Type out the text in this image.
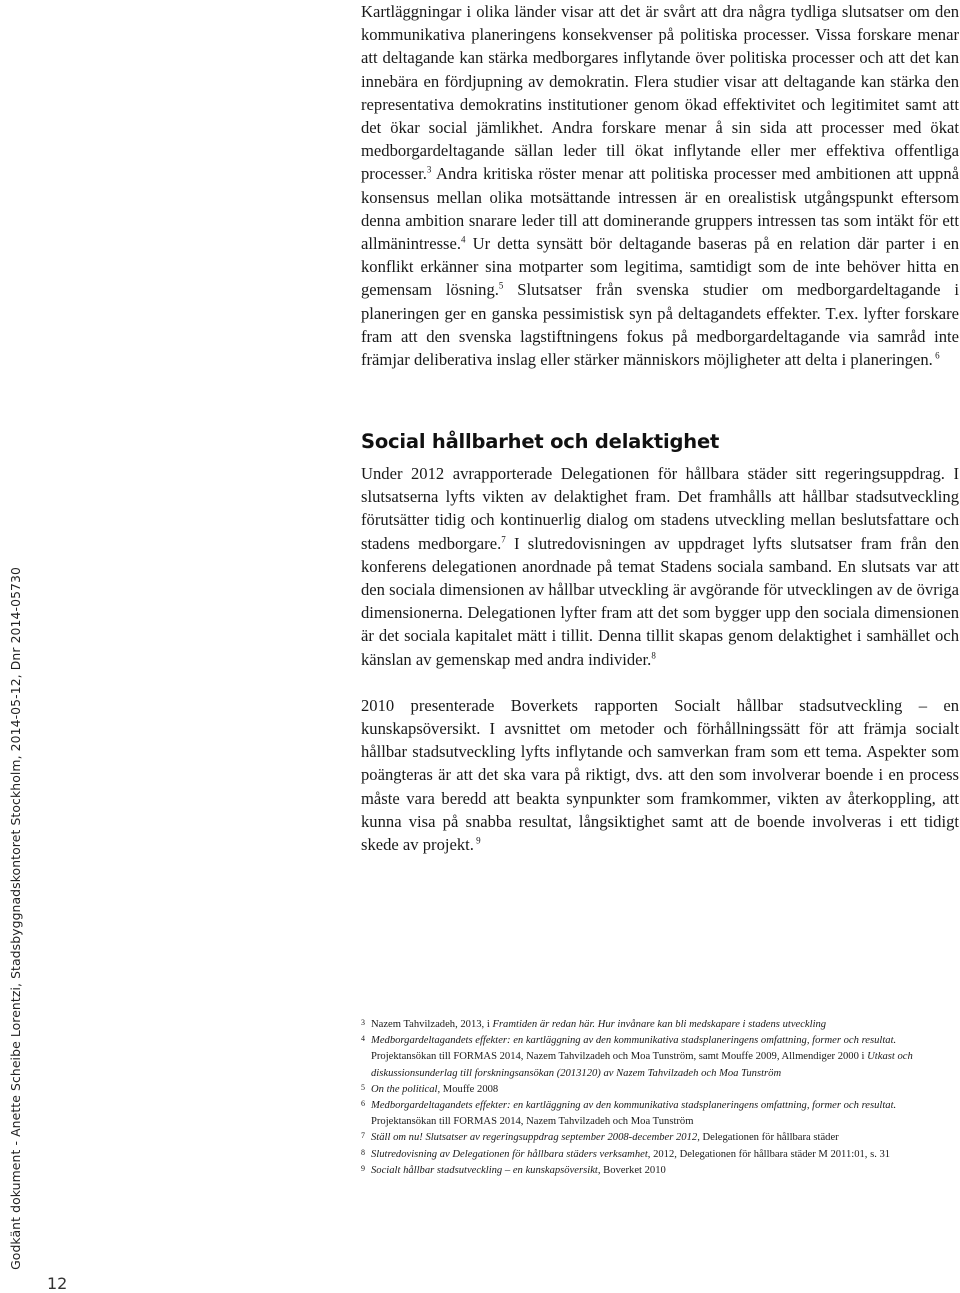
Godkänt dokument - Anette Scheibe Lorentzi, Stadsbyggnadskontoret Stockholm, 2014-05-12, Dnr 2014-05730
12

Kartläggningar i olika länder visar att det är svårt att dra några tydliga slutsatser om den kommunikativa planeringens konsekvenser på politiska processer. Vissa forskare menar att deltagande kan stärka medborgares inflytande över politiska processer och att det kan innebära en fördjupning av demokratin. Flera studier visar att deltagande kan stärka den representativa demokratins institutioner genom ökad effektivitet och legitimitet samt att det ökar social jämlikhet. Andra forskare menar å sin sida att processer med ökat medborgardeltagande sällan leder till ökat inflytande eller mer effektiva offentliga processer.$^3$ Andra kritiska röster menar att politiska processer med ambitionen att uppnå konsensus mellan olika motsättande intressen är en orealistisk utgångspunkt eftersom denna ambition snarare leder till att dominerande gruppers intressen tas som intäkt för ett allmänintresse.$^4$ Ur detta synsätt bör deltagande baseras på en relation där parter i en konflikt erkänner sina motparter som legitima, samtidigt som de inte behöver hitta en gemensam lösning.$^5$ Slutsatser från svenska studier om medborgardeltagande i planeringen ger en ganska pessimistisk syn på deltagandets effekter. T.ex. lyfter forskare fram att den svenska lagstiftningens fokus på medborgardeltagande via samråd inte främjar deliberativa inslag eller stärker människors möjligheter att delta i planeringen. $^6$

Social hållbarhet och delaktighet

Under 2012 avrapporterade Delegationen för hållbara städer sitt regeringsuppdrag. I slutsatserna lyfts vikten av delaktighet fram. Det framhålls att hållbar stadsutveckling förutsätter tidig och kontinuerlig dialog om stadens utveckling mellan beslutsfattare och stadens medborgare.$^7$ I slutredovisningen av uppdraget lyfts slutsatser fram från den konferens delegationen anordnade på temat Stadens sociala samband. En slutsats var att den sociala dimensionen av hållbar utveckling är avgörande för utvecklingen av de övriga dimensionerna. Delegationen lyfter fram att det som bygger upp den sociala dimensionen är det sociala kapitalet mätt i tillit. Denna tillit skapas genom delaktighet i samhället och känslan av gemenskap med andra individer.$^8$

2010 presenterade Boverkets rapporten Socialt hållbar stadsutveckling – en kunskapsöversikt. I avsnittet om metoder och förhållningssätt för att främja socialt hållbar stadsutveckling lyfts inflytande och samverkan fram som ett tema. Aspekter som poängteras är att det ska vara på riktigt, dvs. att den som involverar boende i en process måste vara beredd att beakta synpunkter som framkommer, vikten av återkoppling, att kunna visa på snabba resultat, långsiktighet samt att de boende involveras i ett tidigt skede av projekt. $^9$

3 Nazem Tahvilzadeh, 2013, i Framtiden är redan här. Hur invånare kan bli medskapare i stadens utveckling
4 Medborgardeltagandets effekter: en kartläggning av den kommunikativa stadsplaneringens omfattning, former och resultat. Projektansökan till FORMAS 2014, Nazem Tahvilzadeh och Moa Tunström, samt Mouffe 2009, Allmendiger 2000 i Utkast och diskussionsunderlag till forskningsansökan (2013120) av Nazem Tahvilzadeh och Moa Tunström
5 On the political, Mouffe 2008
6 Medborgardeltagandets effekter: en kartläggning av den kommunikativa stadsplaneringens omfattning, former och resultat. Projektansökan till FORMAS 2014, Nazem Tahvilzadeh och Moa Tunström
7 Ställ om nu! Slutsatser av regeringsuppdrag september 2008-december 2012, Delegationen för hållbara städer
8 Slutredovisning av Delegationen för hållbara städers verksamhet, 2012, Delegationen för hållbara städer M 2011:01, s. 31
9 Socialt hållbar stadsutveckling – en kunskapsöversikt, Boverket 2010
